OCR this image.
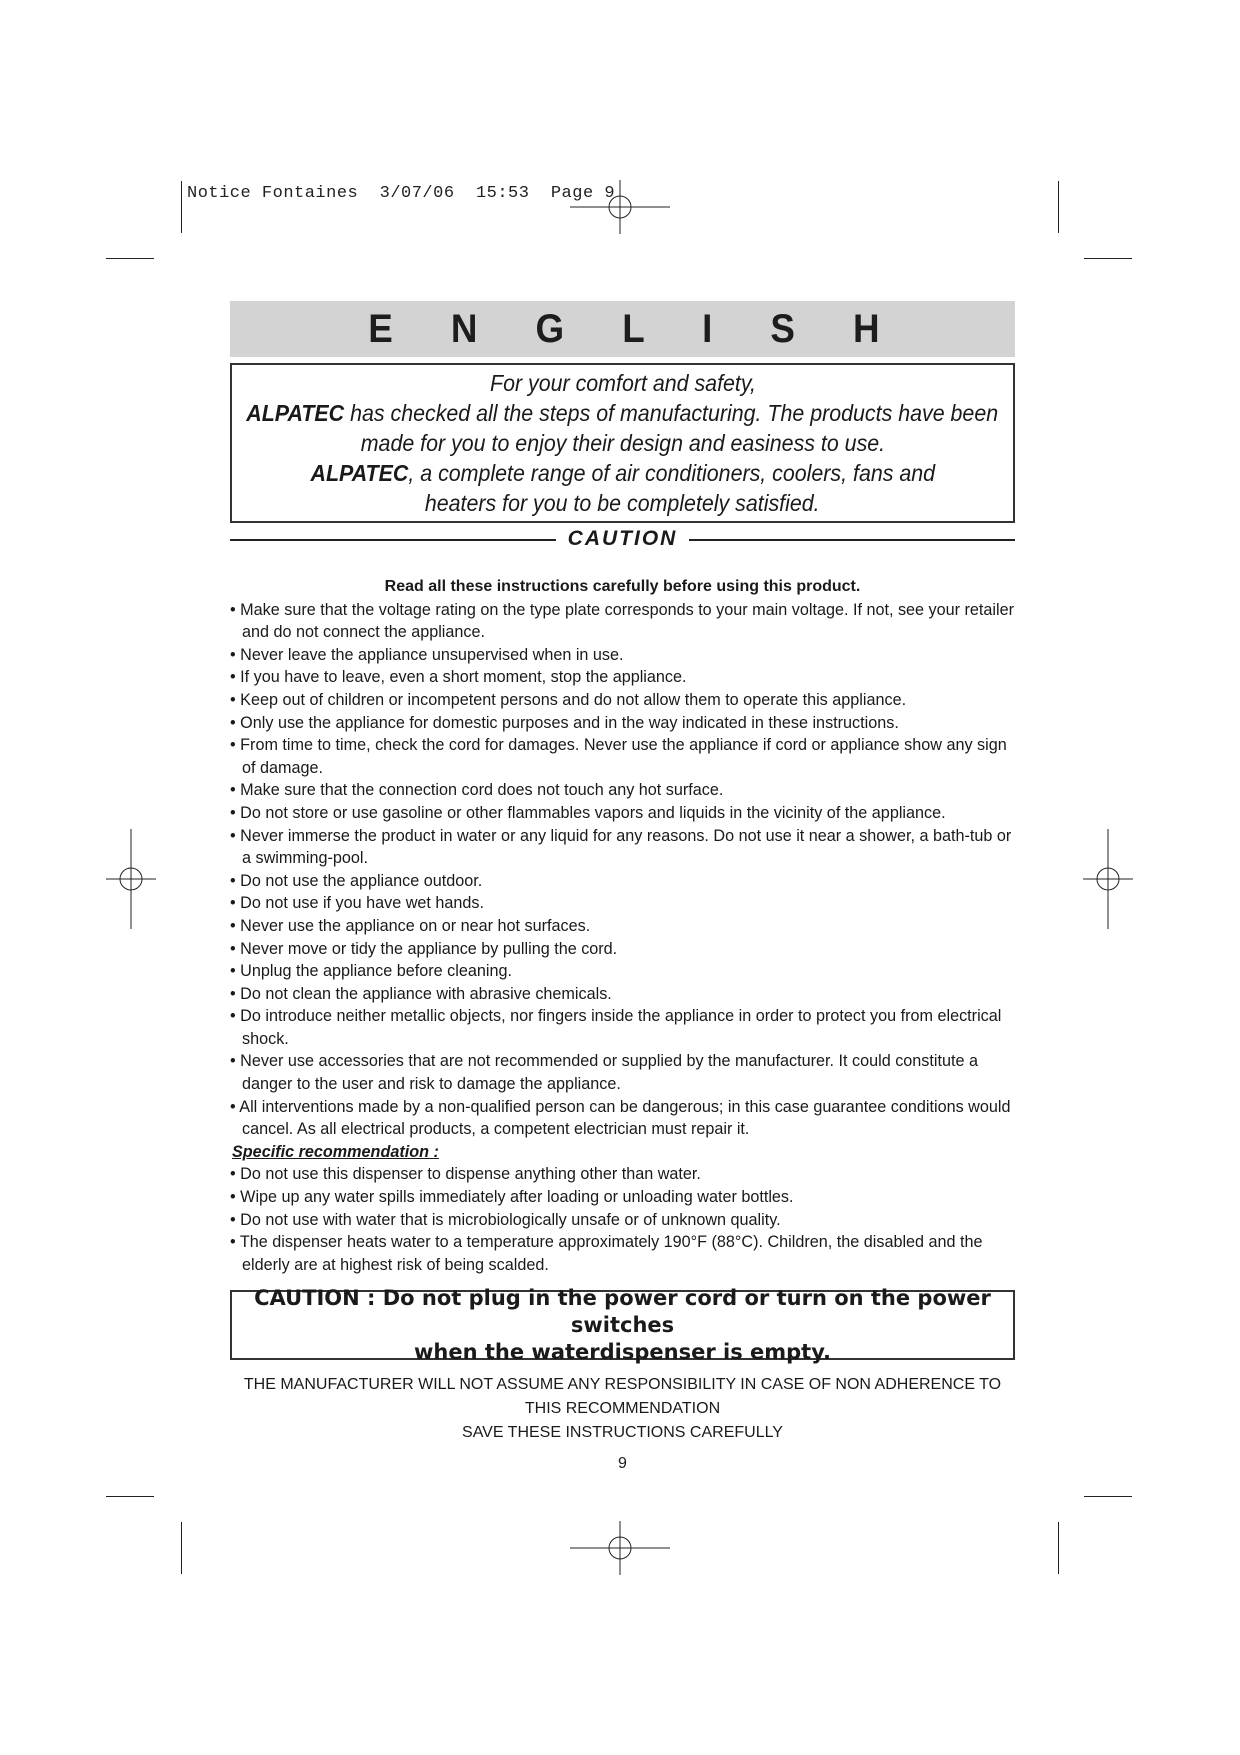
Notice Fontaines  3/07/06  15:53  Page 9
E N G L I S H
For your comfort and safety,
ALPATEC has checked all the steps of manufacturing. The products have been
made for you to enjoy their design and easiness to use.
ALPATEC, a complete range of air conditioners, coolers, fans and
heaters for you to be completely satisfied.
CAUTION
Read all these instructions carefully before using this product.
• Make sure that the voltage rating on the type plate corresponds to your main voltage. If not, see your retailer and do not connect the appliance.
• Never leave the appliance unsupervised when in use.
• If you have to leave, even a short moment, stop the appliance.
• Keep out of children or incompetent persons and do not allow them to operate this appliance.
• Only use the appliance for domestic purposes and in the way indicated in these instructions.
• From time to time, check the cord for damages. Never use the appliance if cord or appliance show any sign of damage.
• Make sure that the connection cord does not touch any hot surface.
• Do not store or use gasoline or other flammables vapors and liquids in the vicinity of the appliance.
• Never immerse the product in water or any liquid for any reasons. Do not use it near a shower, a bath-tub or a swimming-pool.
• Do not use the appliance outdoor.
• Do not use if you have wet hands.
• Never use the appliance on or near hot surfaces.
• Never move or tidy the appliance by pulling the cord.
• Unplug the appliance before cleaning.
• Do not clean the appliance with abrasive chemicals.
• Do introduce neither metallic objects, nor fingers inside the appliance in order to protect you from electrical shock.
• Never use accessories that are not recommended or supplied by the manufacturer. It could constitute a danger to the user and risk to damage the appliance.
• All interventions made by a non-qualified person can be dangerous; in this case guarantee conditions would cancel. As all electrical products, a competent electrician must repair it.
Specific recommendation :
• Do not use this dispenser to dispense anything other than water.
• Wipe up any water spills immediately after loading or unloading water bottles.
• Do not use with water that is microbiologically unsafe or of unknown quality.
• The dispenser heats water to a temperature approximately 190°F (88°C). Children, the disabled and the elderly are at highest risk of being scalded.
CAUTION : Do not plug in the power cord or turn on the power switches
when the waterdispenser is empty.
THE MANUFACTURER WILL NOT ASSUME ANY RESPONSIBILITY IN CASE OF NON ADHERENCE TO
THIS RECOMMENDATION
SAVE THESE INSTRUCTIONS CAREFULLY
9
